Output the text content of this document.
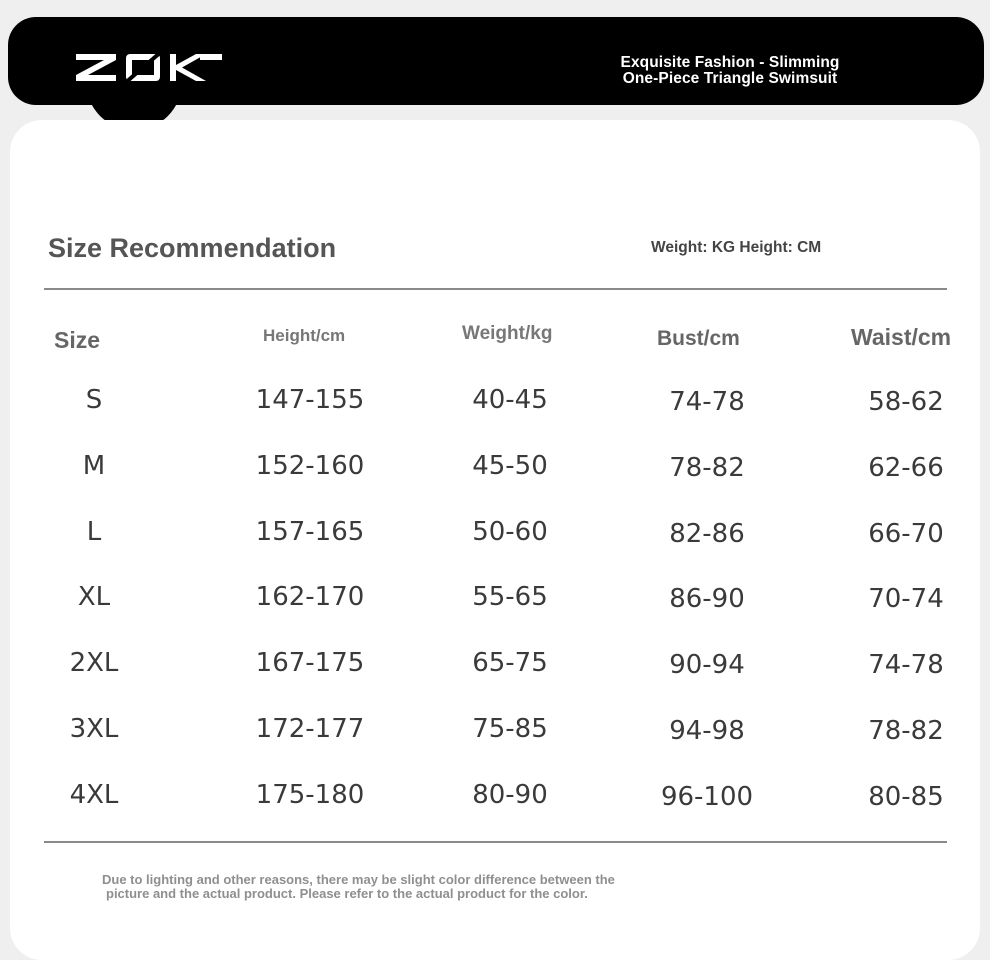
Exquisite Fashion - Slimming
One-Piece Triangle Swimsuit
Size Recommendation	Weight: KG Height: CM
Size	Height/cm	Weight/kg	Bust/cm	Waist/cm
S	147-155	40-45	74-78	58-62
M	152-160	45-50	78-82	62-66
L	157-165	50-60	82-86	66-70
XL	162-170	55-65	86-90	70-74
2XL	167-175	65-75	90-94	74-78
3XL	172-177	75-85	94-98	78-82
4XL	175-180	80-90	96-100	80-85
Due to lighting and other reasons, there may be slight color difference between the
picture and the actual product. Please refer to the actual product for the color.
